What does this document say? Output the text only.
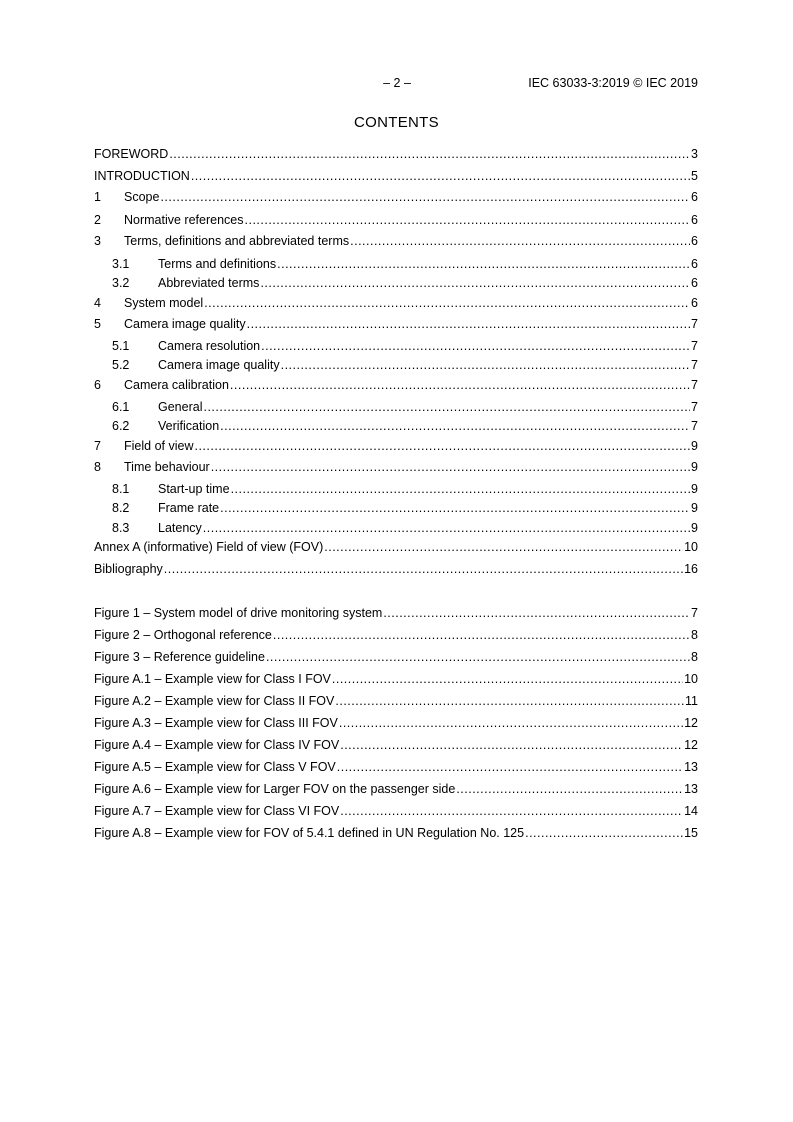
– 2 –	IEC 63033-3:2019 © IEC 2019
CONTENTS
FOREWORD .....	3
INTRODUCTION .....	5
1	Scope .....	6
2	Normative references .....	6
3	Terms, definitions and abbreviated terms .....	6
3.1	Terms and definitions .....	6
3.2	Abbreviated terms .....	6
4	System model .....	6
5	Camera image quality .....	7
5.1	Camera resolution .....	7
5.2	Camera image quality .....	7
6	Camera calibration .....	7
6.1	General .....	7
6.2	Verification .....	7
7	Field of view .....	9
8	Time behaviour .....	9
8.1	Start-up time .....	9
8.2	Frame rate .....	9
8.3	Latency .....	9
Annex A (informative) Field of view (FOV) .....	10
Bibliography .....	16
Figure 1 – System model of drive monitoring system .....	7
Figure 2 – Orthogonal reference .....	8
Figure 3 – Reference guideline .....	8
Figure A.1 – Example view for Class I FOV .....	10
Figure A.2 – Example view for Class II FOV .....	11
Figure A.3 – Example view for Class III FOV .....	12
Figure A.4 – Example view for Class IV FOV .....	12
Figure A.5 – Example view for Class V FOV .....	13
Figure A.6 – Example view for Larger FOV on the passenger side .....	13
Figure A.7 – Example view for Class VI FOV .....	14
Figure A.8 – Example view for FOV of 5.4.1 defined in UN Regulation No. 125 .....	15
